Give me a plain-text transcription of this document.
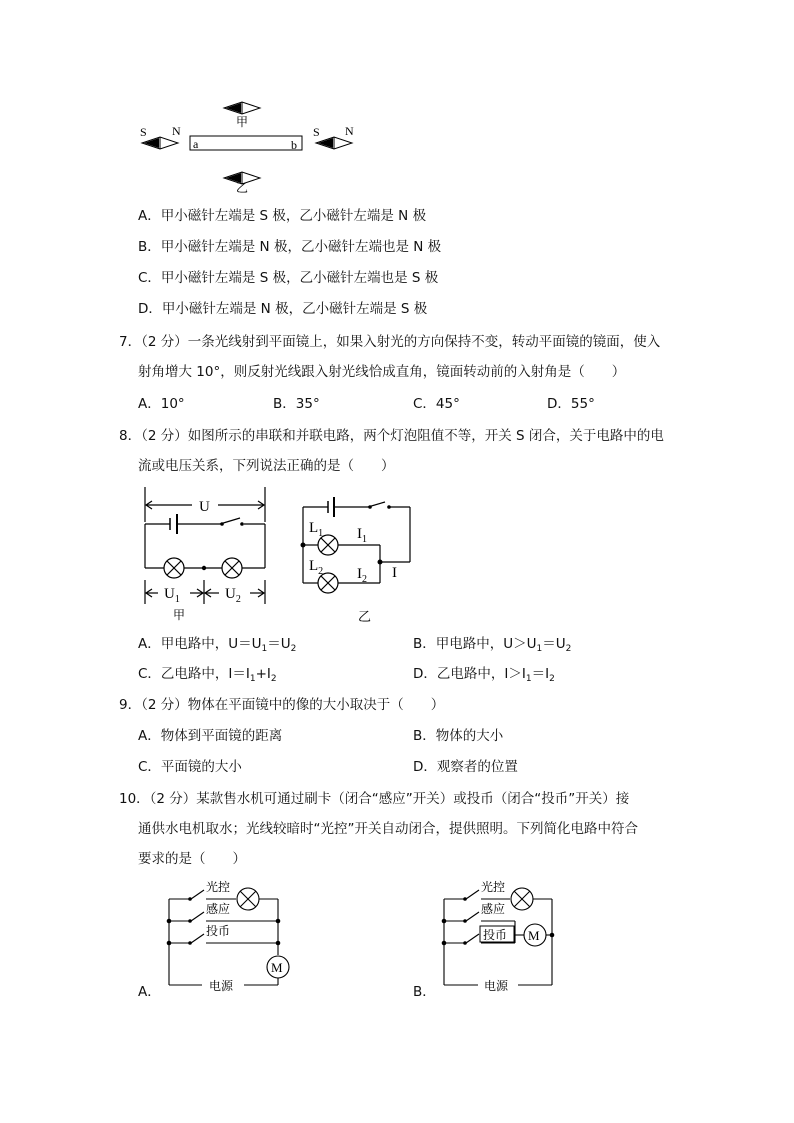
甲
S N
a	b
S N
乙
A．甲小磁针左端是 S 极，乙小磁针左端是 N 极
B．甲小磁针左端是 N 极，乙小磁针左端也是 N 极
C．甲小磁针左端是 S 极，乙小磁针左端也是 S 极
D．甲小磁针左端是 N 极，乙小磁针左端是 S 极
7．（2 分）一条光线射到平面镜上，如果入射光的方向保持不变，转动平面镜的镜面，使入
射角增大 10°，则反射光线跟入射光线恰成直角，镜面转动前的入射角是（　　）
A．10°	B．35°	C．45°	D．55°
8．（2 分）如图所示的串联和并联电路，两个灯泡阻值不等，开关 S 闭合，关于电路中的电
流或电压关系，下列说法正确的是（　　）
U
$U_1$	$U_2$
甲
$L_1$ $I_1$
$L_2$ $I_2$ I
乙
A．甲电路中，$U=U_1=U_2$	B．甲电路中，$U>U_1=U_2$
C．乙电路中，$I=I_1+I_2$	D．乙电路中，$I>I_1=I_2$
9．（2 分）物体在平面镜中的像的大小取决于（　　）
A．物体到平面镜的距离	B．物体的大小
C．平面镜的大小	D．观察者的位置
10．（2 分）某款售水机可通过刷卡（闭合“感应”开关）或投币（闭合“投币”开关）接
通供水电机取水；光线较暗时“光控”开关自动闭合，提供照明。下列简化电路中符合
要求的是（　　）
光控
感应
投币
M
电源
A．
光控
感应
投币 M
电源
B．
